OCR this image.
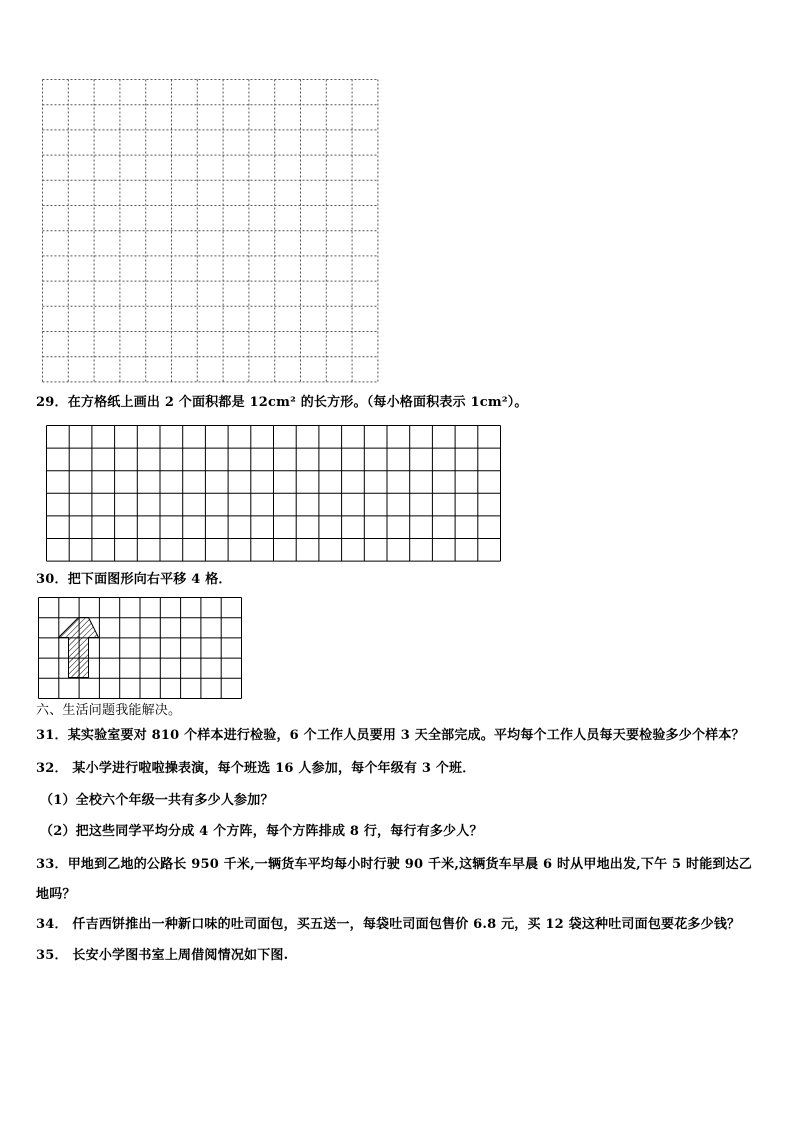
29．在方格纸上画出 2 个面积都是 12cm² 的长方形。（每小格面积表示 1cm²）。
30．把下面图形向右平移 4 格．
六、生活问题我能解决。
31．某实验室要对 810 个样本进行检验，6 个工作人员要用 3 天全部完成。平均每个工作人员每天要检验多少个样本？
32． 某小学进行啦啦操表演，每个班选 16 人参加，每个年级有 3 个班．
（1）全校六个年级一共有多少人参加？
（2）把这些同学平均分成 4 个方阵，每个方阵排成 8 行，每行有多少人？
33．甲地到乙地的公路长 950 千米,一辆货车平均每小时行驶 90 千米,这辆货车早晨 6 时从甲地出发,下午 5 时能到达乙
地吗？
34． 仟吉西饼推出一种新口味的吐司面包，买五送一，每袋吐司面包售价 6.8 元，买 12 袋这种吐司面包要花多少钱？
35． 长安小学图书室上周借阅情况如下图.
